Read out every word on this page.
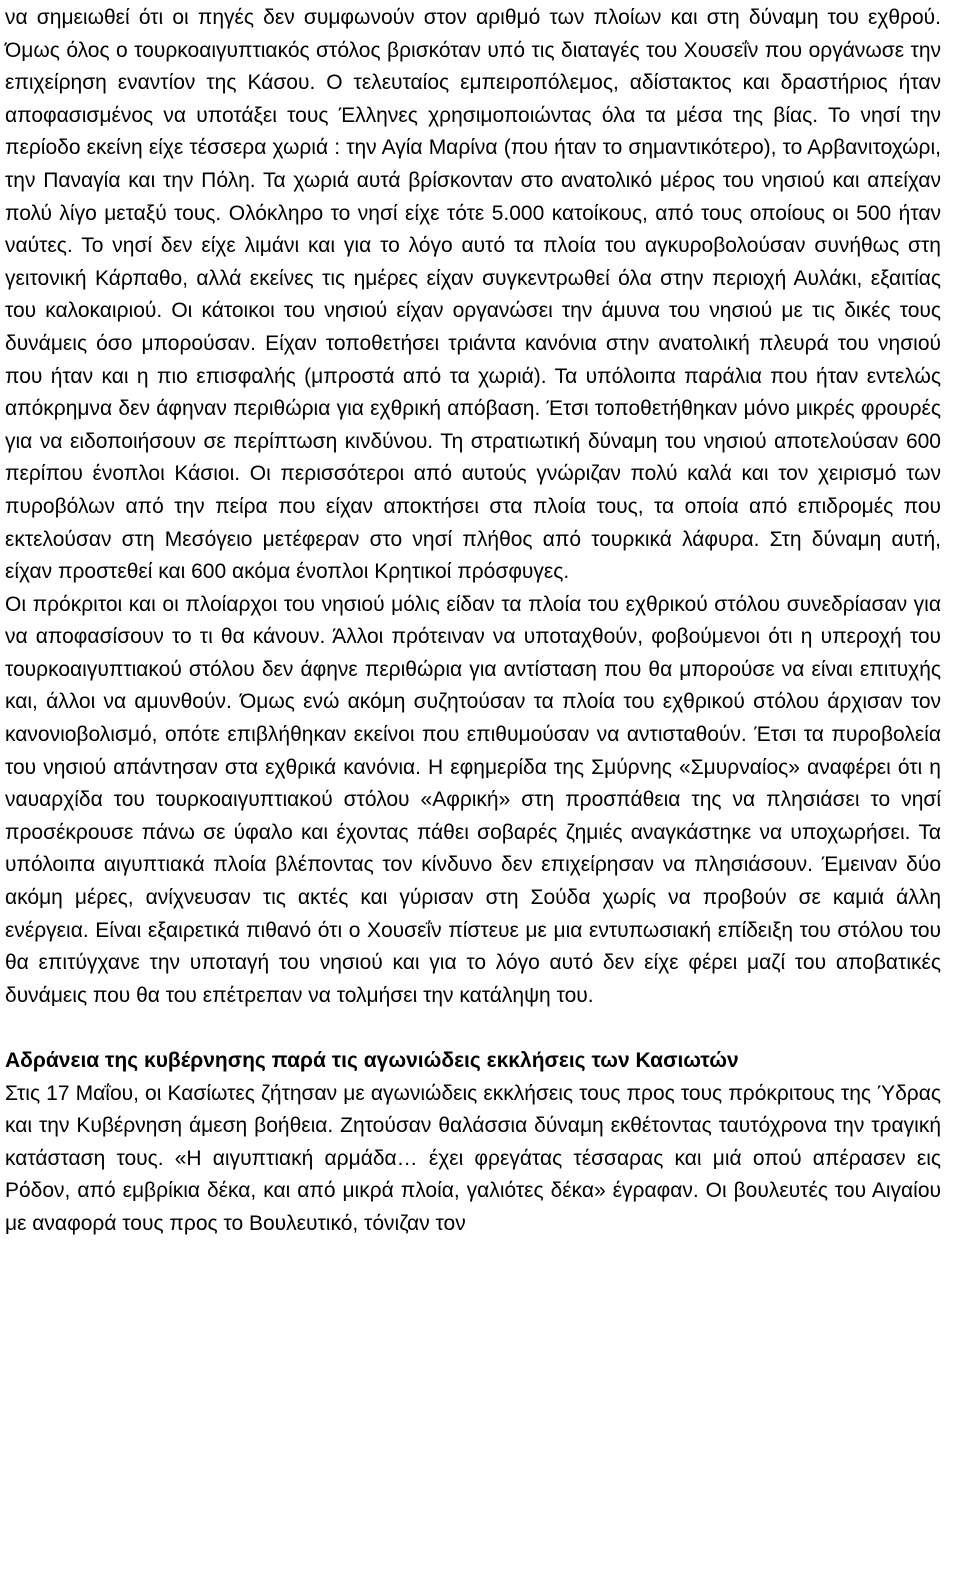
να σημειωθεί ότι οι πηγές δεν συμφωνούν στον αριθμό των πλοίων και στη δύναμη του εχθρού. Όμως όλος ο τουρκοαιγυπτιακός στόλος βρισκόταν υπό τις διαταγές του Χουσεΐν που οργάνωσε την επιχείρηση εναντίον της Κάσου. Ο τελευταίος εμπειροπόλεμος, αδίστακτος και δραστήριος ήταν αποφασισμένος να υποτάξει τους Έλληνες χρησιμοποιώντας όλα τα μέσα της βίας. Το νησί την περίοδο εκείνη είχε τέσσερα χωριά : την Αγία Μαρίνα (που ήταν το σημαντικότερο), το Αρβανιτοχώρι, την Παναγία και την Πόλη. Τα χωριά αυτά βρίσκονταν στο ανατολικό μέρος του νησιού και απείχαν πολύ λίγο μεταξύ τους. Ολόκληρο το νησί είχε τότε 5.000 κατοίκους, από τους οποίους οι 500 ήταν ναύτες. Το νησί δεν είχε λιμάνι και για το λόγο αυτό τα πλοία του αγκυροβολούσαν συνήθως στη γειτονική Κάρπαθο, αλλά εκείνες τις ημέρες είχαν συγκεντρωθεί όλα στην περιοχή Αυλάκι, εξαιτίας του καλοκαιριού. Οι κάτοικοι του νησιού είχαν οργανώσει την άμυνα του νησιού με τις δικές τους δυνάμεις όσο μπορούσαν. Είχαν τοποθετήσει τριάντα κανόνια στην ανατολική πλευρά του νησιού που ήταν και η πιο επισφαλής (μπροστά από τα χωριά). Τα υπόλοιπα παράλια που ήταν εντελώς απόκρημνα δεν άφηναν περιθώρια για εχθρική απόβαση. Έτσι τοποθετήθηκαν μόνο μικρές φρουρές για να ειδοποιήσουν σε περίπτωση κινδύνου. Τη στρατιωτική δύναμη του νησιού αποτελούσαν 600 περίπου ένοπλοι Κάσιοι. Οι περισσότεροι από αυτούς γνώριζαν πολύ καλά και τον χειρισμό των πυροβόλων από την πείρα που είχαν αποκτήσει στα πλοία τους, τα οποία από επιδρομές που εκτελούσαν στη Μεσόγειο μετέφεραν στο νησί πλήθος από τουρκικά λάφυρα. Στη δύναμη αυτή, είχαν προστεθεί και 600 ακόμα ένοπλοι Κρητικοί πρόσφυγες.

Οι πρόκριτοι και οι πλοίαρχοι του νησιού μόλις είδαν τα πλοία του εχθρικού στόλου συνεδρίασαν για να αποφασίσουν το τι θα κάνουν. Άλλοι πρότειναν να υποταχθούν, φοβούμενοι ότι η υπεροχή του τουρκοαιγυπτιακού στόλου δεν άφηνε περιθώρια για αντίσταση που θα μπορούσε να είναι επιτυχής και, άλλοι να αμυνθούν. Όμως ενώ ακόμη συζητούσαν τα πλοία του εχθρικού στόλου άρχισαν τον κανονιοβολισμό, οπότε επιβλήθηκαν εκείνοι που επιθυμούσαν να αντισταθούν. Έτσι τα πυροβολεία του νησιού απάντησαν στα εχθρικά κανόνια. Η εφημερίδα της Σμύρνης «Σμυρναίος» αναφέρει ότι η ναυαρχίδα του τουρκοαιγυπτιακού στόλου «Αφρική» στη προσπάθεια της να πλησιάσει το νησί προσέκρουσε πάνω σε ύφαλο και έχοντας πάθει σοβαρές ζημιές αναγκάστηκε να υποχωρήσει. Τα υπόλοιπα αιγυπτιακά πλοία βλέποντας τον κίνδυνο δεν επιχείρησαν να πλησιάσουν. Έμειναν δύο ακόμη μέρες, ανίχνευσαν τις ακτές και γύρισαν στη Σούδα χωρίς να προβούν σε καμιά άλλη ενέργεια. Είναι εξαιρετικά πιθανό ότι ο Χουσεΐν πίστευε με μια εντυπωσιακή επίδειξη του στόλου του θα επιτύγχανε την υποταγή του νησιού και για το λόγο αυτό δεν είχε φέρει μαζί του αποβατικές δυνάμεις που θα του επέτρεπαν να τολμήσει την κατάληψη του.

Αδράνεια της κυβέρνησης παρά τις αγωνιώδεις εκκλήσεις των Κασιωτών

Στις 17 Μαΐου, οι Κασίωτες ζήτησαν με αγωνιώδεις εκκλήσεις τους προς τους πρόκριτους της Ύδρας και την Κυβέρνηση άμεση βοήθεια. Ζητούσαν θαλάσσια δύναμη εκθέτοντας ταυτόχρονα την τραγική κατάσταση τους. «Η αιγυπτιακή αρμάδα… έχει φρεγάτας τέσσαρας και μιά οπού απέρασεν εις Ρόδον, από εμβρίκια δέκα, και από μικρά πλοία, γαλιότες δέκα» έγραφαν. Οι βουλευτές του Αιγαίου με αναφορά τους προς το Βουλευτικό, τόνιζαν τον
